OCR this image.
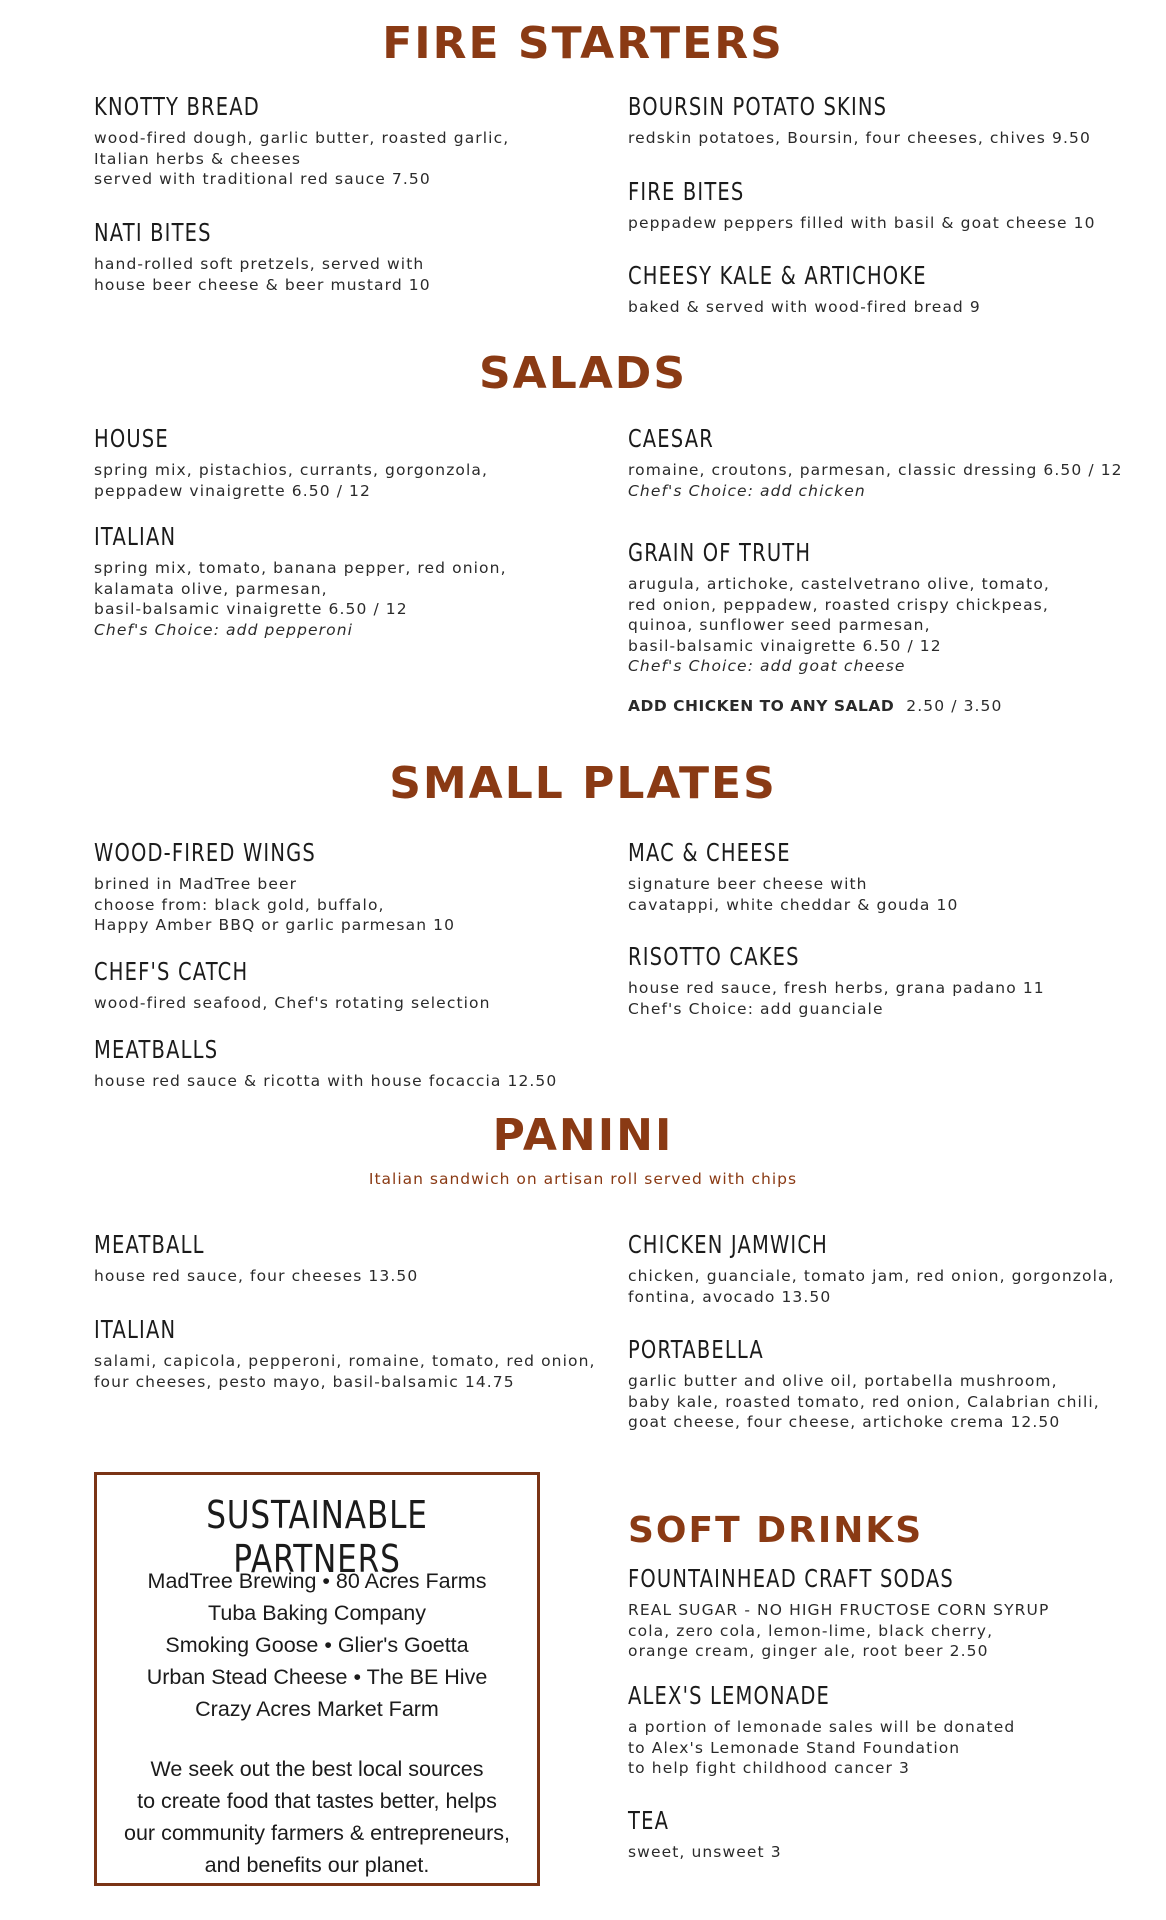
FIRE STARTERS
KNOTTY BREAD
wood-fired dough, garlic butter, roasted garlic,
Italian herbs & cheeses
served with traditional red sauce 7.50
NATI BITES
hand-rolled soft pretzels, served with
house beer cheese & beer mustard 10
BOURSIN POTATO SKINS
redskin potatoes, Boursin, four cheeses, chives 9.50
FIRE BITES
peppadew peppers filled with basil & goat cheese 10
CHEESY KALE & ARTICHOKE
baked & served with wood-fired bread 9
SALADS
HOUSE
spring mix, pistachios, currants, gorgonzola,
peppadew vinaigrette 6.50 / 12
ITALIAN
spring mix, tomato, banana pepper, red onion,
kalamata olive, parmesan,
basil-balsamic vinaigrette 6.50 / 12
Chef's Choice: add pepperoni
CAESAR
romaine, croutons, parmesan, classic dressing 6.50 / 12
Chef's Choice: add chicken
GRAIN OF TRUTH
arugula, artichoke, castelvetrano olive, tomato,
red onion, peppadew, roasted crispy chickpeas,
quinoa, sunflower seed parmesan,
basil-balsamic vinaigrette 6.50 / 12
Chef's Choice: add goat cheese
ADD CHICKEN TO ANY SALAD 2.50 / 3.50
SMALL PLATES
WOOD-FIRED WINGS
brined in MadTree beer
choose from: black gold, buffalo,
Happy Amber BBQ or garlic parmesan 10
CHEF'S CATCH
wood-fired seafood, Chef's rotating selection
MEATBALLS
house red sauce & ricotta with house focaccia 12.50
MAC & CHEESE
signature beer cheese with
cavatappi, white cheddar & gouda 10
RISOTTO CAKES
house red sauce, fresh herbs, grana padano 11
Chef's Choice: add guanciale
PANINI
Italian sandwich on artisan roll served with chips
MEATBALL
house red sauce, four cheeses 13.50
ITALIAN
salami, capicola, pepperoni, romaine, tomato, red onion,
four cheeses, pesto mayo, basil-balsamic 14.75
CHICKEN JAMWICH
chicken, guanciale, tomato jam, red onion, gorgonzola,
fontina, avocado 13.50
PORTABELLA
garlic butter and olive oil, portabella mushroom,
baby kale, roasted tomato, red onion, Calabrian chili,
goat cheese, four cheese, artichoke crema 12.50
SUSTAINABLE PARTNERS
MadTree Brewing • 80 Acres Farms
Tuba Baking Company
Smoking Goose • Glier's Goetta
Urban Stead Cheese • The BE Hive
Crazy Acres Market Farm
We seek out the best local sources
to create food that tastes better, helps
our community farmers & entrepreneurs,
and benefits our planet.
SOFT DRINKS
FOUNTAINHEAD CRAFT SODAS
REAL SUGAR - NO HIGH FRUCTOSE CORN SYRUP
cola, zero cola, lemon-lime, black cherry,
orange cream, ginger ale, root beer 2.50
ALEX'S LEMONADE
a portion of lemonade sales will be donated
to Alex's Lemonade Stand Foundation
to help fight childhood cancer 3
TEA
sweet, unsweet 3
